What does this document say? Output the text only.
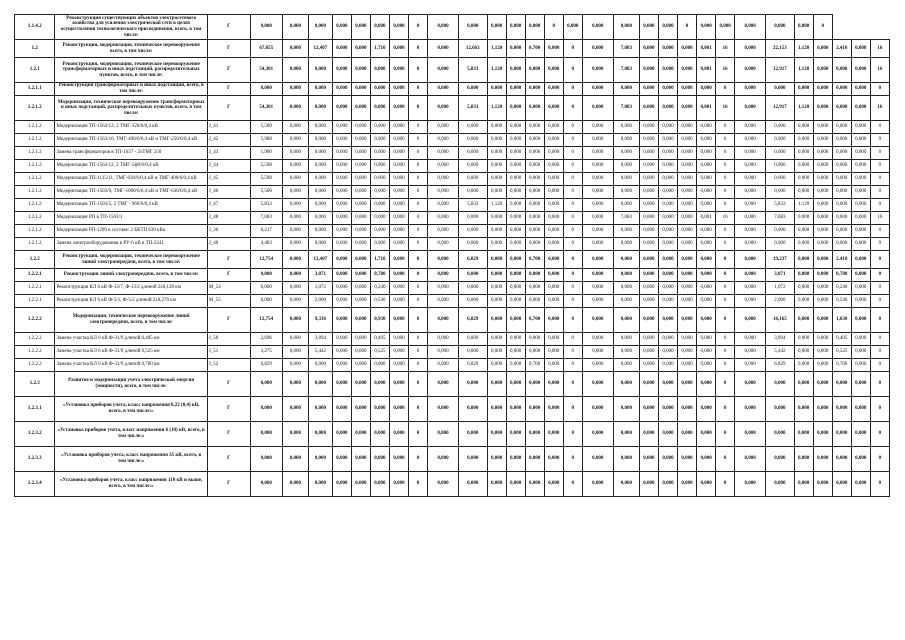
1.1.4.2	Реконструкция существующих объектов электросетевого хозяйства для усиления электрической сети в целях осуществления технологического присоединения, всего, в том числе:	Г	0,000	0,000	0,000	0,000	0,000	0,000	0,000	0	0,000	0,000	0,000	0,000	0,000	0	0,000	0,000	0,000	0,000	0,000	0	0,000	0,000	0,000	0,000	0,000	0			
1.2	Реконструкция, модернизация, техническое перевооружение всего, в том числе:	Г	67,055	0,000	12,407	0,000	0,000	1,710	0,000	0	0,000	12,663	1,120	0,000	0,700	0,000	0	0,000	7,083	0,000	0,000	0,000	0,001	16	0,000	22,153	1,120	0,000	2,410	0,000	16
1.2.1	Реконструкция, модернизация, техническое перевооружение трансформаторных и иных подстанций, распределительных пунктов, всего, в том числе:	Г	54,301	0,000	0,000	0,000	0,000	0,000	0,000	0	0,000	5,833	1,120	0,000	0,000	0,000	0	0,000	7,083	0,000	0,000	0,000	0,001	16	0,000	12,917	1,120	0,000	0,000	0,000	16
1.2.1.1	Реконструкция трансформаторных и иных подстанций, всего, в том числе:	Г	0,000	0,000	0,000	0,000	0,000	0,000	0,000	0	0,000	0,000	0,000	0,000	0,000	0,000	0	0,000	0,000	0,000	0,000	0,000	0,000	0	0,000	0,000	0,000	0,000	0,000	0,000	0
1.2.1.2	Модернизация, техническое перевооружение трансформаторных и иных подстанций, распределительных пунктов, всего, в том числе:	Г	54,301	0,000	0,000	0,000	0,000	0,000	0,000	0	0,000	5,833	1,120	0,000	0,000	0,000	0	0,000	7,083	0,000	0,000	0,000	0,001	16	0,000	12,917	1,120	0,000	0,000	0,000	16
1.2.1.2	Модернизация ТП-1563/12, 2 ТМГ-320/6/0,4 кВ	J_41	5,500	0,000	0,000	0,000	0,000	0,000	0,000	0	0,000	0,000	0,000	0,000	0,000	0,000	0	0,000	0,000	0,000	0,000	0,000	0,000	0	0,000	0,000	0,000	0,000	0,000	0,000	0
1.2.1.2	Модернизация ТП-1563/10, ТМГ-400/6/0,4 кВ и ТМГ-250/6/0,4 кВ	J_42	5,988	0,000	0,000	0,000	0,000	0,000	0,000	0	0,000	0,000	0,000	0,000	0,000	0,000	0	0,000	0,000	0,000	0,000	0,000	0,000	0	0,000	0,000	0,000	0,000	0,000	0,000	0
1.2.1.2	Замена трансформаторов в ТП-1637 - 2хТМГ 250	J_43	1,900	0,000	0,000	0,000	0,000	0,000	0,000	0	0,000	0,000	0,000	0,000	0,000	0,000	0	0,000	0,000	0,000	0,000	0,000	0,000	0	0,000	0,000	0,000	0,000	0,000	0,000	0
1.2.1.2	Модернизация ТП-1563/12, 2 ТМГ-5ф0/6/0,4 кВ	J_44	5,598	0,000	0,000	0,000	0,000	0,000	0,000	0	0,000	0,000	0,000	0,000	0,000	0,000	0	0,000	0,000	0,000	0,000	0,000	0,000	0	0,000	0,000	0,000	0,000	0,000	0,000	0
1.2.1.2	Модернизация ТП-1115/11, ТМГ-630/6/0,4 кВ и ТМГ-400/6/0,4 кВ	J_45	5,598	0,000	0,000	0,000	0,000	0,000	0,000	0	0,000	0,000	0,000	0,000	0,000	0,000	0	0,000	0,000	0,000	0,000	0,000	0,000	0	0,000	0,000	0,000	0,000	0,000	0,000	0
1.2.1.2	Модернизация ТП-1503/9, ТМГ-1000/6/0,4 кВ и ТМГ-630/6/0,4 кВ	J_46	5,500	0,000	0,000	0,000	0,000	0,000	0,000	0	0,000	0,000	0,000	0,000	0,000	0,000	0	0,000	0,000	0,000	0,000	0,000	0,000	0	0,000	0,000	0,000	0,000	0,000	0,000	0
1.2.1.2	Модернизация ТП-1503/5, 2 ТМГ - 960/6/0,4 кВ	J_47	5,833	0,000	0,000	0,000	0,000	0,000	0,000	0	0,000	5,833	1,120	0,000	0,000	0,000	0	0,000	0,000	0,000	0,000	0,000	0,000	0	0,000	5,833	1,120	0,000	0,000	0,000	0
1.2.1.2	Модернизация РП в ТП-1563/1	J_48	7,083	0,000	0,000	0,000	0,000	0,000	0,000	0	0,000	0,000	0,000	0,000	0,000	0,000	0	0,000	7,083	0,000	0,000	0,000	0,001	16	0,000	7,083	0,000	0,000	0,000	0,000	16
1.2.1.2	Модернизация РП-1299 в составе: 2 БКТП 630 кВа	J_36	6,217	0,000	0,000	0,000	0,000	0,000	0,000	0	0,000	0,000	0,000	0,000	0,000	0,000	0	0,000	0,000	0,000	0,000	0,000	0,000	0	0,000	0,000	0,000	0,000	0,000	0,000	0
1.2.1.2	Замена электрооборудования в РУ-6 кВ в ТП-2241	J_40	4,483	0,000	0,000	0,000	0,000	0,000	0,000	0	0,000	0,000	0,000	0,000	0,000	0,000	0	0,000	0,000	0,000	0,000	0,000	0,000	0	0,000	0,000	0,000	0,000	0,000	0,000	0
1.2.2	Реконструкция, модернизация, техническое перевооружение линий электропередачи, всего, в том числе:	Г	12,754	0,000	12,407	0,000	0,000	1,710	0,000	0	0,000	6,829	0,000	0,000	0,700	0,000	0	0,000	0,000	0,000	0,000	0,000	0,000	0	0,000	19,237	0,000	0,000	2,410	0,000	0
1.2.2.1	Реконструкция линий электропередачи, всего, в том числе:	Г	0,000	0,000	3,071	0,000	0,000	0,780	0,000	0	0,000	0,000	0,000	0,000	0,000	0,000	0	0,000	0,000	0,000	0,000	0,000	0,000	0	0,000	3,071	0,000	0,000	0,780	0,000	0
1.2.2.1	Реконструкция КЛ 6 кВ Ф-13/7, Ф-13/2 длиной 2х0,120 км	M_54	0,000	0,000	1,072	0,000	0,000	0,240	0,000	0	0,000	0,000	0,000	0,000	0,000	0,000	0	0,000	0,000	0,000	0,000	0,000	0,000	0	0,000	1,072	0,000	0,000	0,240	0,000	0
1.2.2.1	Реконструкция КЛ 6 кВ Ф-5/1, Ф-5/2 длиной 2х0,270 км	M_55	0,000	0,000	2,000	0,000	0,000	0,540	0,000	0	0,000	0,000	0,000	0,000	0,000	0,000	0	0,000	0,000	0,000	0,000	0,000	0,000	0	0,000	2,000	0,000	0,000	0,540	0,000	0
1.2.2.2	Модернизация, техническое перевооружение линий электропередачи, всего, в том числе:	Г	12,754	0,000	9,336	0,000	0,000	0,930	0,000	0	0,000	6,829	0,000	0,000	0,700	0,000	0	0,000	0,000	0,000	0,000	0,000	0,000	0	0,000	16,165	0,000	0,000	1,630	0,000	0
1.2.2.2	Замена участка КЛ 6 кВ Ф-31/9 длиной 0,405 км	J_50	2,696	0,000	3,894	0,000	0,000	0,405	0,000	0	0,000	0,000	0,000	0,000	0,000	0,000	0	0,000	0,000	0,000	0,000	0,000	0,000	0	0,000	3,894	0,000	0,000	0,405	0,000	0
1.2.2.2	Замена участка КЛ 6 кВ Ф-31/9 длиной 0,525 км	J_51	3,275	0,000	5,442	0,000	0,000	0,525	0,000	0	0,000	0,000	0,000	0,000	0,000	0,000	0	0,000	0,000	0,000	0,000	0,000	0,000	0	0,000	5,442	0,000	0,000	0,525	0,000	0
1.2.2.2	Замена участка КЛ 6 кВ Ф-31/9 длиной 0,700 км	J_52	6,829	0,000	0,000	0,000	0,000	0,000	0,000	0	0,000	6,829	0,000	0,000	0,700	0,000	0	0,000	0,000	0,000	0,000	0,000	0,000	0	0,000	6,829	0,000	0,000	0,700	0,000	0
1.2.3	Развитие и модернизация учета электрической энергии (мощности), всего, в том числе:	Г	0,000	0,000	0,000	0,000	0,000	0,000	0,000	0	0,000	0,000	0,000	0,000	0,000	0,000	0	0,000	0,000	0,000	0,000	0,000	0,000	0	0,000	0,000	0,000	0,000	0,000	0,000	0
1.2.3.1	«Установка приборов учета, класс напряжения 0,22 (0,4) кВ, всего, в том числе:»	Г	0,000	0,000	0,000	0,000	0,000	0,000	0,000	0	0,000	0,000	0,000	0,000	0,000	0,000	0	0,000	0,000	0,000	0,000	0,000	0,000	0	0,000	0,000	0,000	0,000	0,000	0,000	0
1.2.3.2	«Установка приборов учета, класс напряжения 6 (10) кВ, всего, в том числе:»	Г	0,000	0,000	0,000	0,000	0,000	0,000	0,000	0	0,000	0,000	0,000	0,000	0,000	0,000	0	0,000	0,000	0,000	0,000	0,000	0,000	0	0,000	0,000	0,000	0,000	0,000	0,000	0
1.2.3.3	«Установка приборов учета, класс напряжения 35 кВ, всего, в том числе:»	Г	0,000	0,000	0,000	0,000	0,000	0,000	0,000	0	0,000	0,000	0,000	0,000	0,000	0,000	0	0,000	0,000	0,000	0,000	0,000	0,000	0	0,000	0,000	0,000	0,000	0,000	0,000	0
1.2.3.4	«Установка приборов учета, класс напряжения 110 кВ и выше, всего, в том числе:»	Г	0,000	0,000	0,000	0,000	0,000	0,000	0,000	0	0,000	0,000	0,000	0,000	0,000	0,000	0	0,000	0,000	0,000	0,000	0,000	0,000	0	0,000	0,000	0,000	0,000	0,000	0,000	0
